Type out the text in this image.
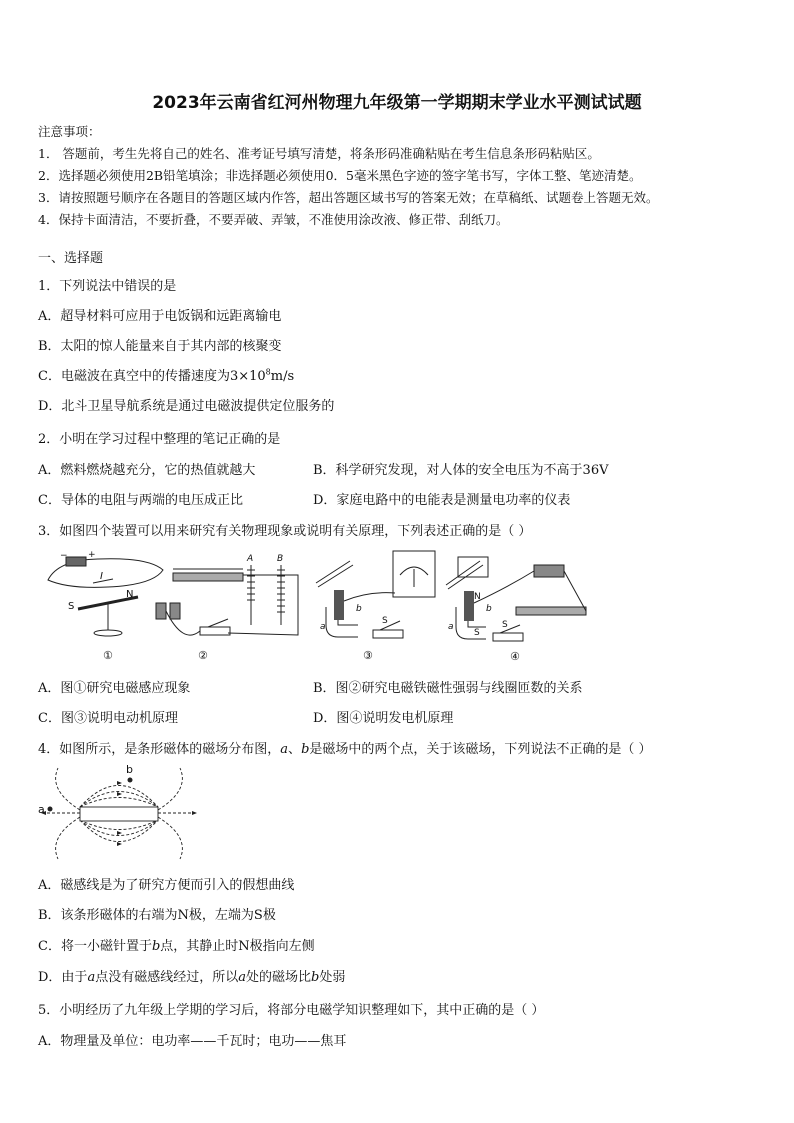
2023年云南省红河州物理九年级第一学期期末学业水平测试试题
注意事项：
1． 答题前，考生先将自己的姓名、准考证号填写清楚，将条形码准确粘贴在考生信息条形码粘贴区。
2．选择题必须使用2B铅笔填涂；非选择题必须使用0．5毫米黑色字迹的签字笔书写，字体工整、笔迹清楚。
3．请按照题号顺序在各题目的答题区域内作答，超出答题区域书写的答案无效；在草稿纸、试题卷上答题无效。
4．保持卡面清洁，不要折叠，不要弄破、弄皱，不准使用涂改液、修正带、刮纸刀。
一、选择题
1．下列说法中错误的是
A．超导材料可应用于电饭锅和远距离输电
B．太阳的惊人能量来自于其内部的核聚变
C．电磁波在真空中的传播速度为$3\times 10^8m/s$
D．北斗卫星导航系统是通过电磁波提供定位服务的
2．小明在学习过程中整理的笔记正确的是
A．燃料燃烧越充分，它的热值就越大	B．科学研究发现，对人体的安全电压为不高于36V
C．导体的电阻与两端的电压成正比	D．家庭电路中的电能表是测量电功率的仪表
3．如图四个装置可以用来研究有关物理现象或说明有关原理，下列表述正确的是（ ）
+
−
I
S
N
①
A	B
②
a
b
S
③
N
S
a
b
S
④
A．图①研究电磁感应现象	B．图②研究电磁铁磁性强弱与线圈匝数的关系
C．图③说明电动机原理	D．图④说明发电机原理
4．如图所示，是条形磁体的磁场分布图，a、b是磁场中的两个点，关于该磁场，下列说法不正确的是（ ）
b
a
A．磁感线是为了研究方便而引入的假想曲线
B．该条形磁体的右端为N极，左端为S极
C．将一小磁针置于b点，其静止时N极指向左侧
D．由于a点没有磁感线经过，所以a处的磁场比b处弱
5．小明经历了九年级上学期的学习后，将部分电磁学知识整理如下，其中正确的是（ ）
A．物理量及单位：电功率——千瓦时；电功——焦耳
